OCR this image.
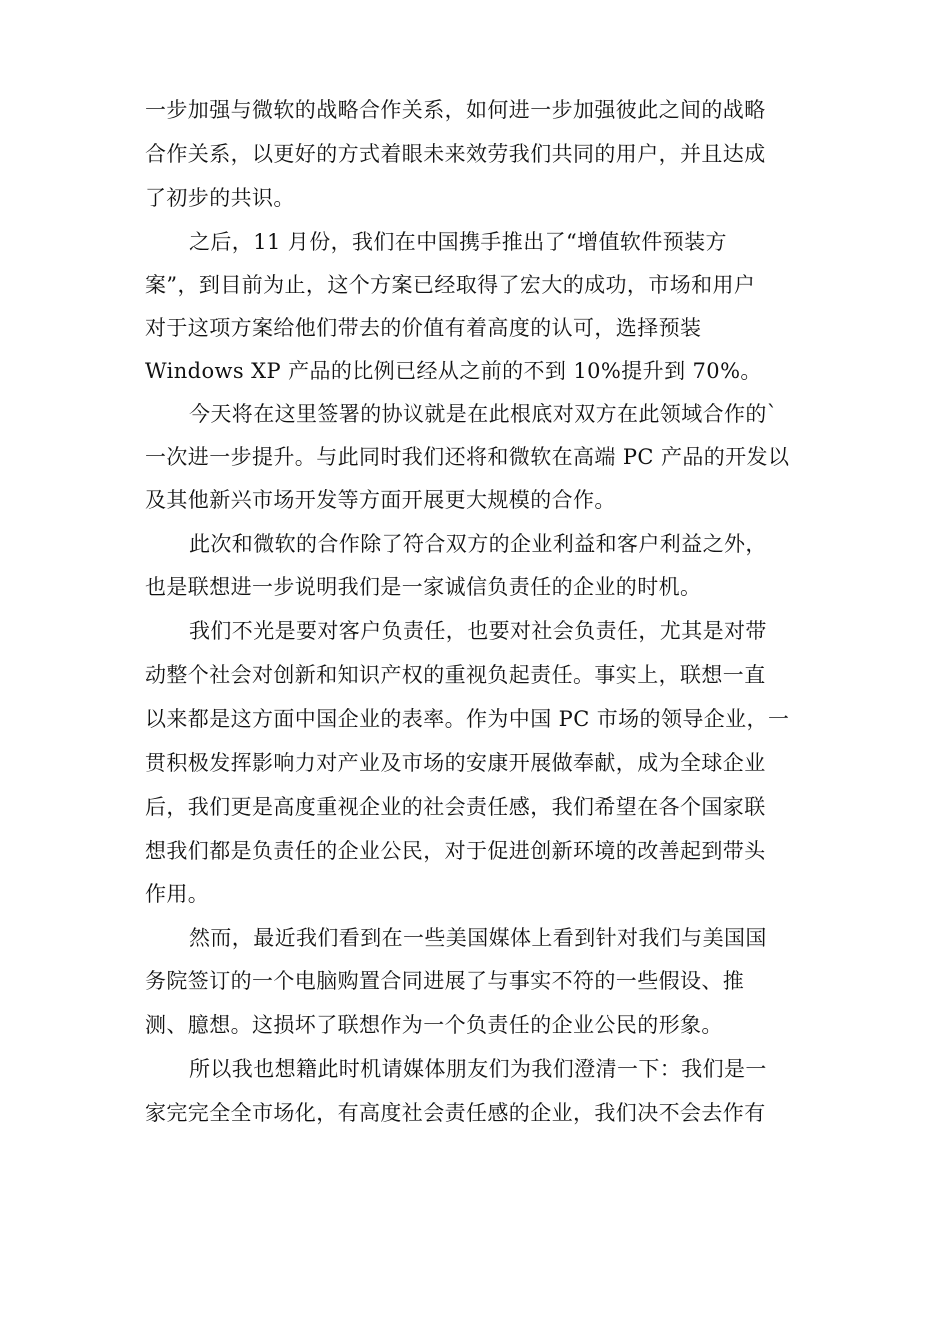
一步加强与微软的战略合作关系，如何进一步加强彼此之间的战略
合作关系，以更好的方式着眼未来效劳我们共同的用户，并且达成
了初步的共识。
之后，11 月份，我们在中国携手推出了“增值软件预装方
案”，到目前为止，这个方案已经取得了宏大的成功，市场和用户
对于这项方案给他们带去的价值有着高度的认可，选择预装
Windows XP 产品的比例已经从之前的不到 10%提升到 70%。
今天将在这里签署的协议就是在此根底对双方在此领域合作的`
一次进一步提升。与此同时我们还将和微软在高端 PC 产品的开发以
及其他新兴市场开发等方面开展更大规模的合作。
此次和微软的合作除了符合双方的企业利益和客户利益之外，
也是联想进一步说明我们是一家诚信负责任的企业的时机。
我们不光是要对客户负责任，也要对社会负责任，尤其是对带
动整个社会对创新和知识产权的重视负起责任。事实上，联想一直
以来都是这方面中国企业的表率。作为中国 PC 市场的领导企业，一
贯积极发挥影响力对产业及市场的安康开展做奉献，成为全球企业
后，我们更是高度重视企业的社会责任感，我们希望在各个国家联
想我们都是负责任的企业公民，对于促进创新环境的改善起到带头
作用。
然而，最近我们看到在一些美国媒体上看到针对我们与美国国
务院签订的一个电脑购置合同进展了与事实不符的一些假设、推
测、臆想。这损坏了联想作为一个负责任的企业公民的形象。
所以我也想籍此时机请媒体朋友们为我们澄清一下：我们是一
家完完全全市场化，有高度社会责任感的企业，我们决不会去作有
